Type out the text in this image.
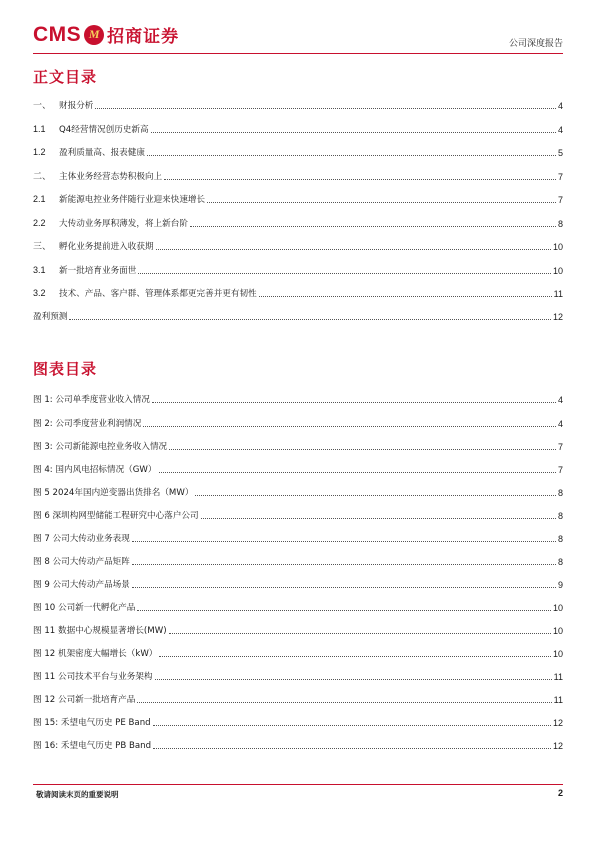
CMS M 招商证券	公司深度报告
正文目录
一、 财报分析	4
1.1 Q4经营情况创历史新高	4
1.2 盈利质量高、报表健康	5
二、 主体业务经营态势积极向上	7
2.1 新能源电控业务伴随行业迎来快速增长	7
2.2 大传动业务厚积薄发，将上新台阶	8
三、 孵化业务提前进入收获期	10
3.1 新一批培育业务面世	10
3.2 技术、产品、客户群、管理体系都更完善并更有韧性	11
盈利预测	12
图表目录
图 1: 公司单季度营业收入情况	4
图 2: 公司季度营业利润情况	4
图 3: 公司新能源电控业务收入情况	7
图 4: 国内风电招标情况（GW）	7
图 5 2024年国内逆变器出货排名（MW）	8
图 6 深圳构网型储能工程研究中心落户公司	8
图 7 公司大传动业务表现	8
图 8 公司大传动产品矩阵	8
图 9 公司大传动产品场景	9
图 10 公司新一代孵化产品	10
图 11 数据中心规模显著增长(MW)	10
图 12 机架密度大幅增长（kW）	10
图 11 公司技术平台与业务架构	11
图 12 公司新一批培育产品	11
图 15: 禾望电气历史 PE Band	12
图 16: 禾望电气历史 PB Band	12
敬请阅读末页的重要说明	2
